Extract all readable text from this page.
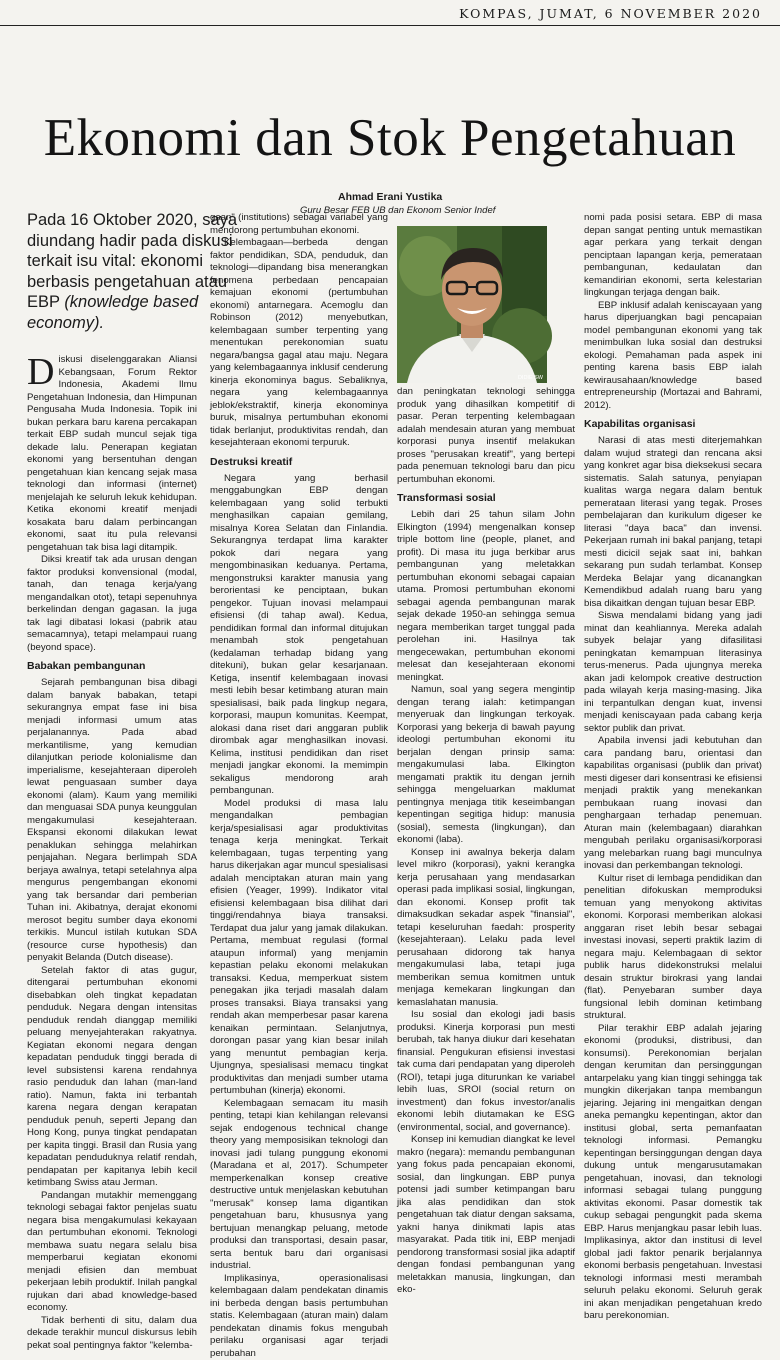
KOMPAS, JUMAT, 6 NOVEMBER 2020
Ekonomi dan Stok Pengetahuan
Ahmad Erani Yustika
Guru Besar FEB UB dan Ekonom Senior Indef
Pada 16 Oktober 2020, saya diundang hadir pada diskusi terkait isu vital: ekonomi berbasis pengetahuan atau EBP (knowledge based economy).
DIDIE SW

Diskusi diselenggarakan Aliansi Kebangsaan, Forum Rektor Indonesia, Akademi Ilmu Pengetahuan Indonesia, dan Himpunan Pengusaha Muda Indonesia. Topik ini bukan perkara baru karena percakapan terkait EBP sudah muncul sejak tiga dekade lalu. Penerapan kegiatan ekonomi yang bersentuhan dengan pengetahuan kian kencang sejak masa teknologi dan informasi (internet) menjelajah ke seluruh lekuk kehidupan. Ketika ekonomi kreatif menjadi kosakata baru dalam perbincangan ekonomi, saat itu pula relevansi pengetahuan tak bisa lagi ditampik.

Diksi kreatif tak ada urusan dengan faktor produksi konvensional (modal, tanah, dan tenaga kerja/yang mengandalkan otot), tetapi sepenuhnya berkelindan dengan gagasan. Ia juga tak lagi dibatasi lokasi (pabrik atau semacamnya), tetapi melampaui ruang (beyond space).

Babakan pembangunan

Sejarah pembangunan bisa dibagi dalam banyak babakan, tetapi sekurangnya empat fase ini bisa menjadi informasi umum atas perjalanannya. Pada abad merkantilisme, yang kemudian dilanjutkan periode kolonialisme dan imperialisme, kesejahteraan diperoleh lewat penguasaan sumber daya ekonomi (alam). Kaum yang memiliki dan menguasai SDA punya keunggulan mengakumulasi kesejahteraan. Ekspansi ekonomi dilakukan lewat penaklukan sehingga melahirkan penjajahan. Negara berlimpah SDA berjaya awalnya, tetapi setelahnya alpa mengurus pengembangan ekonomi yang tak bersandar dari pemberian Tuhan ini. Akibatnya, derajat ekonomi merosot begitu sumber daya ekonomi terkikis. Muncul istilah kutukan SDA (resource curse hypothesis) dan penyakit Belanda (Dutch disease).

Setelah faktor di atas gugur, ditengarai pertumbuhan ekonomi disebabkan oleh tingkat kepadatan penduduk. Negara dengan intensitas penduduk rendah dianggap memiliki peluang menyejahterakan rakyatnya. Kegiatan ekonomi negara dengan kepadatan penduduk tinggi berada di level subsistensi karena rendahnya rasio penduduk dan lahan (man-land ratio). Namun, fakta ini terbantah karena negara dengan kerapatan penduduk penuh, seperti Jepang dan Hong Kong, punya tingkat pendapatan per kapita tinggi. Brasil dan Rusia yang kepadatan penduduknya relatif rendah, pendapatan per kapitanya lebih kecil ketimbang Swiss atau Jerman.

Pandangan mutakhir memenggang teknologi sebagai faktor penjelas suatu negara bisa mengakumulasi kekayaan dan pertumbuhan ekonomi. Teknologi membawa suatu negara selalu bisa memperbarui kegiatan ekonomi menjadi efisien dan membuat pekerjaan lebih produktif. Inilah pangkal rujukan dari abad knowledge-based economy.

Tidak berhenti di situ, dalam dua dekade terakhir muncul diskursus lebih pekat soal pentingnya faktor "kelemba-

gaan" (institutions) sebagai variabel yang mendorong pertumbuhan ekonomi.

Kelembagaan—berbeda dengan faktor pendidikan, SDA, penduduk, dan teknologi—dipandang bisa menerangkan fenomena perbedaan pencapaian kemajuan ekonomi (pertumbuhan ekonomi) antarnegara. Acemoglu dan Robinson (2012) menyebutkan, kelembagaan sumber terpenting yang menentukan perekonomian suatu negara/bangsa gagal atau maju. Negara yang kelembagaannya inklusif cenderung kinerja ekonominya bagus. Sebaliknya, negara yang kelembagaannya jeblok/ekstraktif, kinerja ekonominya buruk, misalnya pertumbuhan ekonomi tidak berlanjut, produktivitas rendah, dan kesejahteraan ekonomi terpuruk.

Destruksi kreatif

Negara yang berhasil menggabungkan EBP dengan kelembagaan yang solid terbukti menghasilkan capaian gemilang, misalnya Korea Selatan dan Finlandia. Sekurangnya terdapat lima karakter pokok dari negara yang mengombinasikan keduanya. Pertama, mengonstruksi karakter manusia yang berorientasi ke penciptaan, bukan pengekor. Tujuan inovasi melampaui efisiensi (di tahap awal). Kedua, pendidikan formal dan informal ditujukan menambah stok pengetahuan (kedalaman terhadap bidang yang ditekuni), bukan gelar kesarjanaan. Ketiga, insentif kelembagaan inovasi mesti lebih besar ketimbang aturan main spesialisasi, baik pada lingkup negara, korporasi, maupun komunitas. Keempat, alokasi dana riset dari anggaran publik dirombak agar menghasilkan inovasi. Kelima, institusi pendidikan dan riset menjadi jangkar ekonomi. Ia memimpin sekaligus mendorong arah pembangunan.

Model produksi di masa lalu mengandalkan pembagian kerja/spesialisasi agar produktivitas tenaga kerja meningkat. Terkait kelembagaan, tugas terpenting yang harus dikerjakan agar muncul spesialisasi adalah menciptakan aturan main yang efisien (Yeager, 1999). Indikator vital efisiensi kelembagaan bisa dilihat dari tinggi/rendahnya biaya transaksi. Terdapat dua jalur yang jamak dilakukan. Pertama, membuat regulasi (formal ataupun informal) yang menjamin kepastian pelaku ekonomi melakukan transaksi. Kedua, memperkuat sistem penegakan jika terjadi masalah dalam proses transaksi. Biaya transaksi yang rendah akan memperbesar pasar karena kenaikan permintaan. Selanjutnya, dorongan pasar yang kian besar inilah yang menuntut pembagian kerja. Ujungnya, spesialisasi memacu tingkat produktivitas dan menjadi sumber utama pertumbuhan (kinerja) ekonomi.

Kelembagaan semacam itu masih penting, tetapi kian kehilangan relevansi sejak endogenous technical change theory yang memposisikan teknologi dan inovasi jadi tulang punggung ekonomi (Maradana et al, 2017). Schumpeter memperkenalkan konsep creative destructive untuk menjelaskan kebutuhan "merusak" konsep lama digantikan pengetahuan baru, khususnya yang bertujuan menangkap peluang, metode produksi dan transportasi, desain pasar, serta bentuk baru dari organisasi industrial.

Implikasinya, operasionalisasi kelembagaan dalam pendekatan dinamis ini berbeda dengan basis pertumbuhan statis. Kelembagaan (aturan main) dalam pendekatan dinamis fokus mengubah perilaku organisasi agar terjadi perubahan

dan peningkatan teknologi sehingga produk yang dihasilkan kompetitif di pasar. Peran terpenting kelembagaan adalah mendesain aturan yang membuat korporasi punya insentif melakukan proses "perusakan kreatif", yang bertepi pada penemuan teknologi baru dan picu pertumbuhan ekonomi.

Transformasi sosial

Lebih dari 25 tahun silam John Elkington (1994) mengenalkan konsep triple bottom line (people, planet, and profit). Di masa itu juga berkibar arus pembangunan yang meletakkan pertumbuhan ekonomi sebagai capaian utama. Promosi pertumbuhan ekonomi sebagai agenda pembangunan marak sejak dekade 1950-an sehingga semua negara memberikan target tunggal pada perolehan ini. Hasilnya tak mengecewakan, pertumbuhan ekonomi melesat dan kesejahteraan ekonomi meningkat.

Namun, soal yang segera mengintip dengan terang ialah: ketimpangan menyeruak dan lingkungan terkoyak. Korporasi yang bekerja di bawah payung ideologi pertumbuhan ekonomi itu berjalan dengan prinsip sama: mengakumulasi laba. Elkington mengamati praktik itu dengan jernih sehingga mengeluarkan maklumat pentingnya menjaga titik keseimbangan kepentingan segitiga hidup: manusia (sosial), semesta (lingkungan), dan ekonomi (laba).

Konsep ini awalnya bekerja dalam level mikro (korporasi), yakni kerangka kerja perusahaan yang mendasarkan operasi pada implikasi sosial, lingkungan, dan ekonomi. Konsep profit tak dimaksudkan sekadar aspek "finansial", tetapi keseluruhan faedah: prosperity (kesejahteraan). Lelaku pada level perusahaan didorong tak hanya mengakumulasi laba, tetapi juga memberikan semua komitmen untuk menjaga kemekaran lingkungan dan kemaslahatan manusia.

Isu sosial dan ekologi jadi basis produksi. Kinerja korporasi pun mesti berubah, tak hanya diukur dari kesehatan finansial. Pengukuran efisiensi investasi tak cuma dari pendapatan yang diperoleh (ROI), tetapi juga diturunkan ke variabel lebih luas, SROI (social return on investment) dan fokus investor/analis ekonomi lebih diutamakan ke ESG (environmental, social, and governance).

Konsep ini kemudian diangkat ke level makro (negara): memandu pembangunan yang fokus pada pencapaian ekonomi, sosial, dan lingkungan. EBP punya potensi jadi sumber ketimpangan baru jika alas pendidikan dan stok pengetahuan tak diatur dengan saksama, yakni hanya dinikmati lapis atas masyarakat. Pada titik ini, EBP menjadi pendorong transformasi sosial jika adaptif dengan fondasi pembangunan yang meletakkan manusia, lingkungan, dan eko-

nomi pada posisi setara. EBP di masa depan sangat penting untuk memastikan agar perkara yang terkait dengan penciptaan lapangan kerja, pemerataan pembangunan, kedaulatan dan kemandirian ekonomi, serta kelestarian lingkungan terjaga dengan baik.

EBP inklusif adalah keniscayaan yang harus diperjuangkan bagi pencapaian model pembangunan ekonomi yang tak menimbulkan luka sosial dan destruksi ekologi. Pemahaman pada aspek ini penting karena basis EBP ialah kewirausahaan/knowledge based entrepreneurship (Mortazai and Bahrami, 2012).

Kapabilitas organisasi

Narasi di atas mesti diterjemahkan dalam wujud strategi dan rencana aksi yang konkret agar bisa dieksekusi secara sistematis. Salah satunya, penyiapan kualitas warga negara dalam bentuk pemerataan literasi yang tegak. Proses pembelajaran dan kurikulum digeser ke literasi "daya baca" dan invensi. Pekerjaan rumah ini bakal panjang, tetapi mesti dicicil sejak saat ini, bahkan sekarang pun sudah terlambat. Konsep Merdeka Belajar yang dicanangkan Kemendikbud adalah ruang baru yang bisa dikaitkan dengan tujuan besar EBP.

Siswa mendalami bidang yang jadi minat dan keahliannya. Mereka adalah subyek belajar yang difasilitasi peningkatan kemampuan literasinya terus-menerus. Pada ujungnya mereka akan jadi kelompok creative destruction pada wilayah kerja masing-masing. Jika ini terpantulkan dengan kuat, invensi menjadi keniscayaan pada cabang kerja sektor publik dan privat.

Apabila invensi jadi kebutuhan dan cara pandang baru, orientasi dan kapabilitas organisasi (publik dan privat) mesti digeser dari konsentrasi ke efisiensi menjadi praktik yang menekankan pembukaan ruang inovasi dan penghargaan terhadap penemuan. Aturan main (kelembagaan) diarahkan mengubah perilaku organisasi/korporasi yang melebarkan ruang bagi munculnya inovasi dan perkembangan teknologi.

Kultur riset di lembaga pendidikan dan penelitian difokuskan memproduksi temuan yang menyokong aktivitas ekonomi. Korporasi memberikan alokasi anggaran riset lebih besar sebagai investasi inovasi, seperti praktik lazim di negara maju. Kelembagaan di sektor publik harus didekonstruksi melalui desain struktur birokrasi yang landai (flat). Penyebaran sumber daya fungsional lebih dominan ketimbang struktural.

Pilar terakhir EBP adalah jejaring ekonomi (produksi, distribusi, dan konsumsi). Perekonomian berjalan dengan kerumitan dan persinggungan antarpelaku yang kian tinggi sehingga tak mungkin dikerjakan tanpa membangun jejaring. Jejaring ini mengaitkan dengan aneka pemangku kepentingan, aktor dan institusi global, serta pemanfaatan teknologi informasi. Pemangku kepentingan bersinggungan dengan daya dukung untuk mengarusutamakan pengetahuan, inovasi, dan teknologi informasi sebagai tulang punggung aktivitas ekonomi. Pasar domestik tak cukup sebagai pengungkit pada skema EBP. Harus menjangkau pasar lebih luas. Implikasinya, aktor dan institusi di level global jadi faktor penarik berjalannya ekonomi berbasis pengetahuan. Investasi teknologi informasi mesti merambah seluruh pelaku ekonomi. Seluruh gerak ini akan menjadikan pengetahuan kredo baru perekonomian.
